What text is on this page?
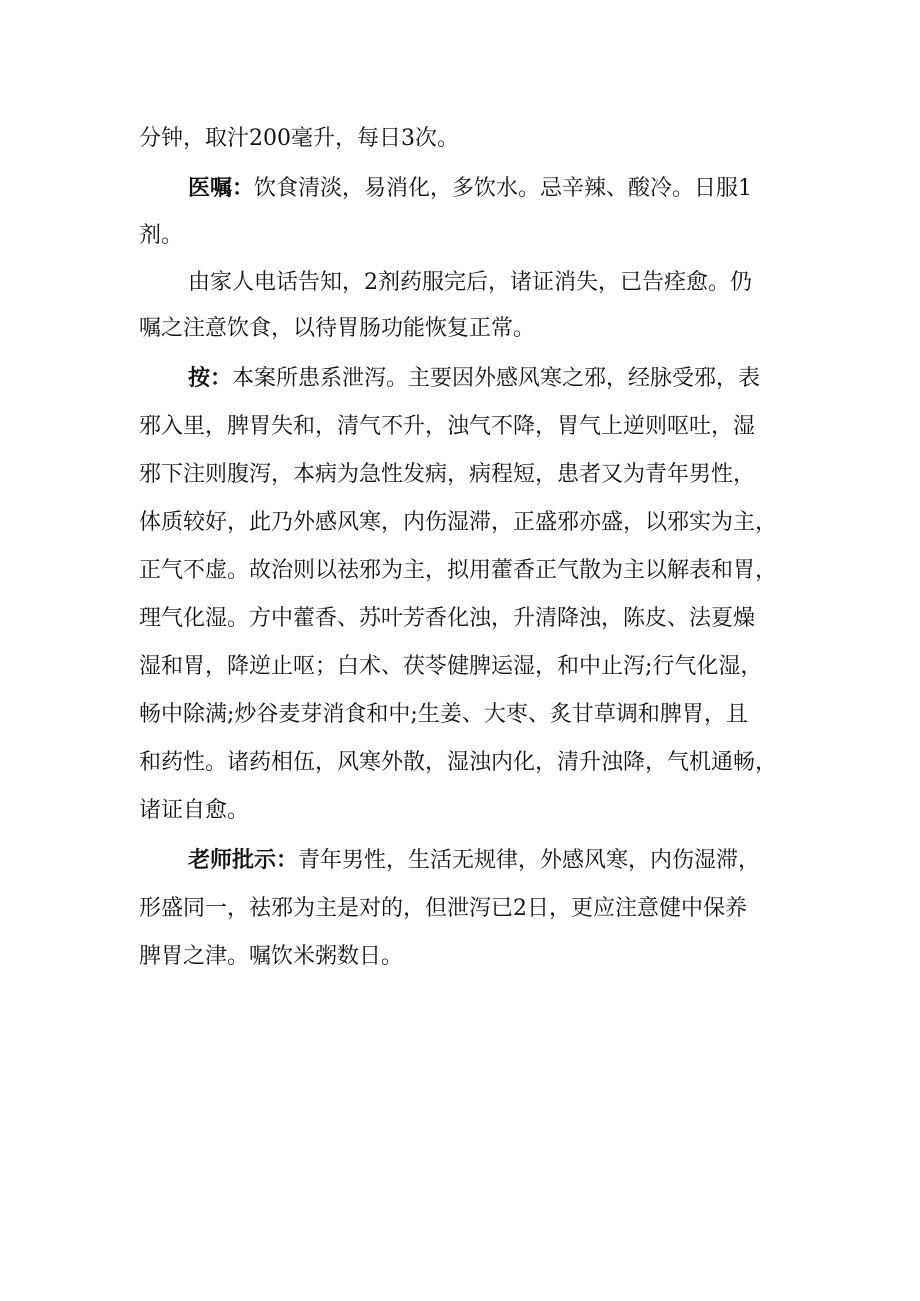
分钟，取汁200毫升，每日3次。

医嘱：饮食清淡，易消化，多饮水。忌辛辣、酸冷。日服1

剂。

由家人电话告知，2剂药服完后，诸证消失，已告痊愈。仍

嘱之注意饮食，以待胃肠功能恢复正常。

按：本案所患系泄泻。主要因外感风寒之邪，经脉受邪，表

邪入里，脾胃失和，清气不升，浊气不降，胃气上逆则呕吐，湿

邪下注则腹泻，本病为急性发病，病程短，患者又为青年男性，

体质较好，此乃外感风寒，内伤湿滞，正盛邪亦盛，以邪实为主，

正气不虚。故治则以祛邪为主，拟用藿香正气散为主以解表和胃，

理气化湿。方中藿香、苏叶芳香化浊，升清降浊，陈皮、法夏燥

湿和胃，降逆止呕；白术、茯苓健脾运湿，和中止泻;行气化湿，

畅中除满;炒谷麦芽消食和中;生姜、大枣、炙甘草调和脾胃，且

和药性。诸药相伍，风寒外散，湿浊内化，清升浊降，气机通畅，

诸证自愈。

老师批示：青年男性，生活无规律，外感风寒，内伤湿滞，

形盛同一，祛邪为主是对的，但泄泻已2日，更应注意健中保养

脾胃之津。嘱饮米粥数日。
